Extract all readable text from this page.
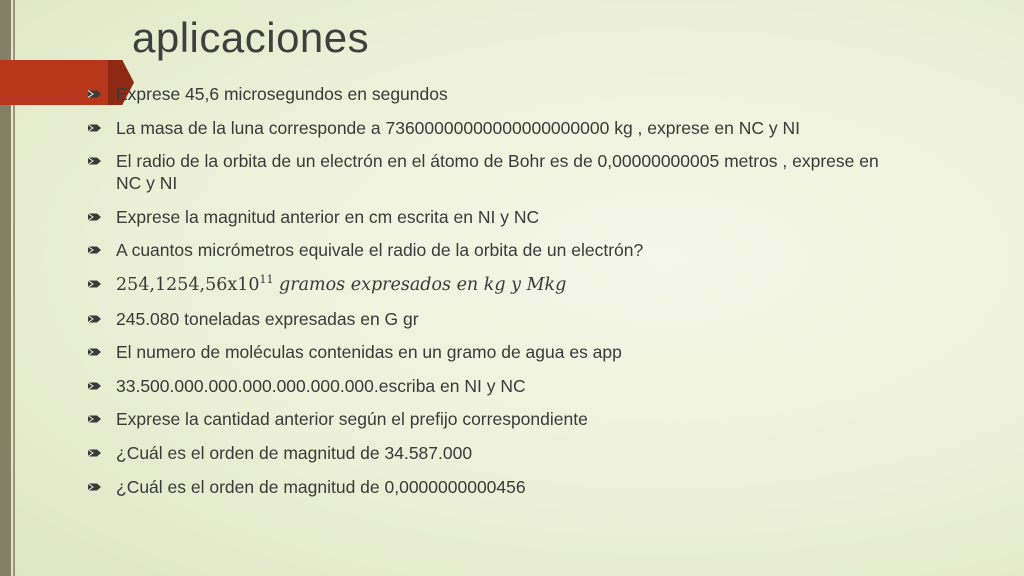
aplicaciones
Exprese 45,6 microsegundos en segundos
La masa de la luna corresponde a 73600000000000000000000 kg , exprese en NC y NI
El radio de la orbita de un electrón en el átomo de Bohr es de 0,00000000005 metros , exprese en NC y NI
Exprese la magnitud anterior en cm escrita en NI y NC
A cuantos micrómetros equivale el radio de la orbita de un electrón?
$254,1254,56x10^{11}$ gramos expresados en kg y Mkg
245.080 toneladas expresadas en G gr
El numero de moléculas contenidas en un gramo de agua es app
33.500.000.000.000.000.000.000.escriba en NI y NC
Exprese la cantidad anterior según el prefijo correspondiente
¿Cuál es el orden de magnitud de 34.587.000
¿Cuál es el orden de magnitud de 0,0000000000456
